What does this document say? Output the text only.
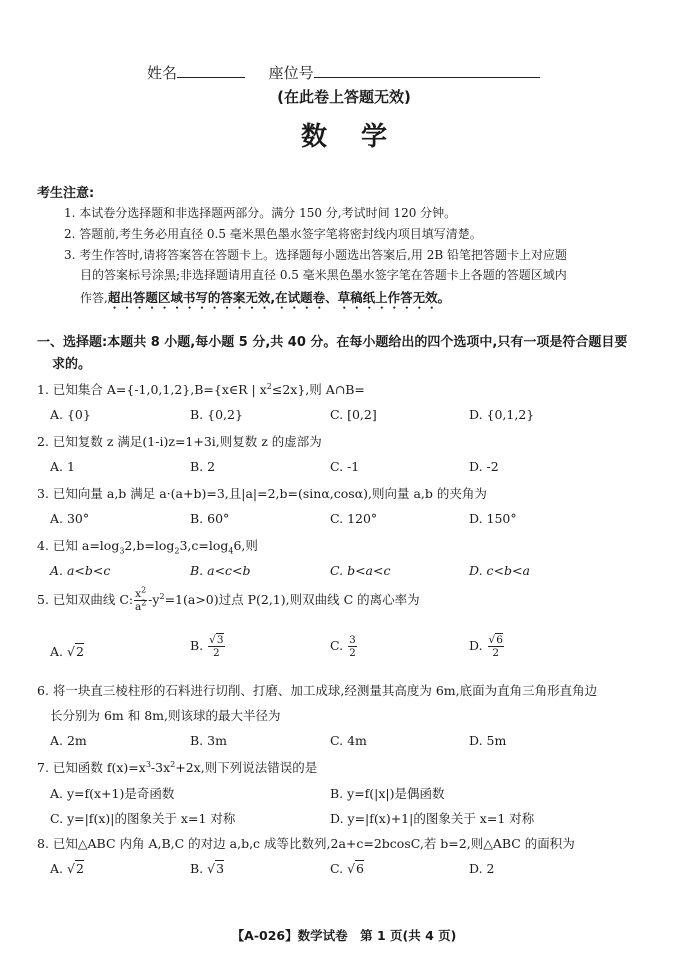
姓名	座位号
(在此卷上答题无效)
数学
考生注意:
1. 本试卷分选择题和非选择题两部分。满分 150 分,考试时间 120 分钟。
2. 答题前,考生务必用直径 0.5 毫米黑色墨水签字笔将密封线内项目填写清楚。
3. 考生作答时,请将答案答在答题卡上。选择题每小题选出答案后,用 2B 铅笔把答题卡上对应题
目的答案标号涂黑;非选择题请用直径 0.5 毫米黑色墨水签字笔在答题卡上各题的答题区域内
作答,超出答题区域书写的答案无效,在试题卷、草稿纸上作答无效。
一、选择题:本题共 8 小题,每小题 5 分,共 40 分。在每小题给出的四个选项中,只有一项是符合题目要
求的。
1. 已知集合 A={-1,0,1,2},B={x∈R | $x^2\le 2x$},则 A∩B=
A. {0}	B. {0,2}	C. [0,2]	D. {0,1,2}
2. 已知复数 z 满足(1-i)z=1+3i,则复数 z 的虚部为
A. 1	B. 2	C. -1	D. -2
3. 已知向量 a,b 满足 a·(a+b)=3,且|a|=2,b=(sinα,cosα),则向量 a,b 的夹角为
A. 30°	B. 60°	C. 120°	D. 150°
4. 已知 $a=\log_32,b=\log_23,c=\log_46$,则
A. a<b<c	B. a<c<b	C. b<a<c	D. c<b<a
5. 已知双曲线 C: $\frac{x^2}{a^2} -y^2=1(a>0)$过点 P(2,1),则双曲线 C 的离心率为
A. √2	B. $\frac{√3}{2}$	C. $\frac{3}{2}$	D. $\frac{√6}{2}$
6. 将一块直三棱柱形的石料进行切削、打磨、加工成球,经测量其高度为 6m,底面为直角三角形直角边
长分别为 6m 和 8m,则该球的最大半径为
A. 2m	B. 3m	C. 4m	D. 5m
7. 已知函数 $f(x)=x^3-3x^2+2x$,则下列说法错误的是
A. y=f(x+1)是奇函数	B. y=f(|x|)是偶函数
C. y=|f(x)|的图象关于 x=1 对称	D. y=|f(x)+1|的图象关于 x=1 对称
8. 已知△ABC 内角 A,B,C 的对边 a,b,c 成等比数列,2a+c=2bcosC,若 b=2,则△ABC 的面积为
A. √2	B. √3	C. √6	D. 2
【A-026】数学试卷　第 1 页(共 4 页)
